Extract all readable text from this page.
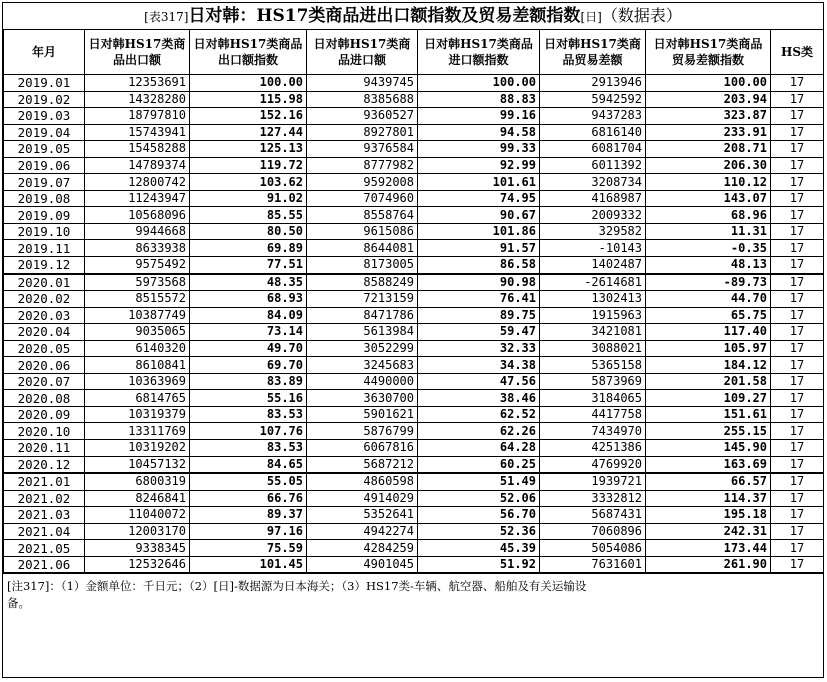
[表317]日对韩：HS17类商品进出口额指数及贸易差额指数[日]（数据表）
年月	日对韩HS17类商品出口额	日对韩HS17类商品出口额指数	日对韩HS17类商品进口额	日对韩HS17类商品进口额指数	日对韩HS17类商品贸易差额	日对韩HS17类商品贸易差额指数	HS类
2019.01	12353691	100.00	9439745	100.00	2913946	100.00	17
2019.02	14328280	115.98	8385688	88.83	5942592	203.94	17
2019.03	18797810	152.16	9360527	99.16	9437283	323.87	17
2019.04	15743941	127.44	8927801	94.58	6816140	233.91	17
2019.05	15458288	125.13	9376584	99.33	6081704	208.71	17
2019.06	14789374	119.72	8777982	92.99	6011392	206.30	17
2019.07	12800742	103.62	9592008	101.61	3208734	110.12	17
2019.08	11243947	91.02	7074960	74.95	4168987	143.07	17
2019.09	10568096	85.55	8558764	90.67	2009332	68.96	17
2019.10	9944668	80.50	9615086	101.86	329582	11.31	17
2019.11	8633938	69.89	8644081	91.57	-10143	-0.35	17
2019.12	9575492	77.51	8173005	86.58	1402487	48.13	17
2020.01	5973568	48.35	8588249	90.98	-2614681	-89.73	17
2020.02	8515572	68.93	7213159	76.41	1302413	44.70	17
2020.03	10387749	84.09	8471786	89.75	1915963	65.75	17
2020.04	9035065	73.14	5613984	59.47	3421081	117.40	17
2020.05	6140320	49.70	3052299	32.33	3088021	105.97	17
2020.06	8610841	69.70	3245683	34.38	5365158	184.12	17
2020.07	10363969	83.89	4490000	47.56	5873969	201.58	17
2020.08	6814765	55.16	3630700	38.46	3184065	109.27	17
2020.09	10319379	83.53	5901621	62.52	4417758	151.61	17
2020.10	13311769	107.76	5876799	62.26	7434970	255.15	17
2020.11	10319202	83.53	6067816	64.28	4251386	145.90	17
2020.12	10457132	84.65	5687212	60.25	4769920	163.69	17
2021.01	6800319	55.05	4860598	51.49	1939721	66.57	17
2021.02	8246841	66.76	4914029	52.06	3332812	114.37	17
2021.03	11040072	89.37	5352641	56.70	5687431	195.18	17
2021.04	12003170	97.16	4942274	52.36	7060896	242.31	17
2021.05	9338345	75.59	4284259	45.39	5054086	173.44	17
2021.06	12532646	101.45	4901045	51.92	7631601	261.90	17
[注317]：（1）金额单位：千日元；（2）[日]-数据源为日本海关；（3）HS17类-车辆、航空器、船舶及有关运输设
备。
